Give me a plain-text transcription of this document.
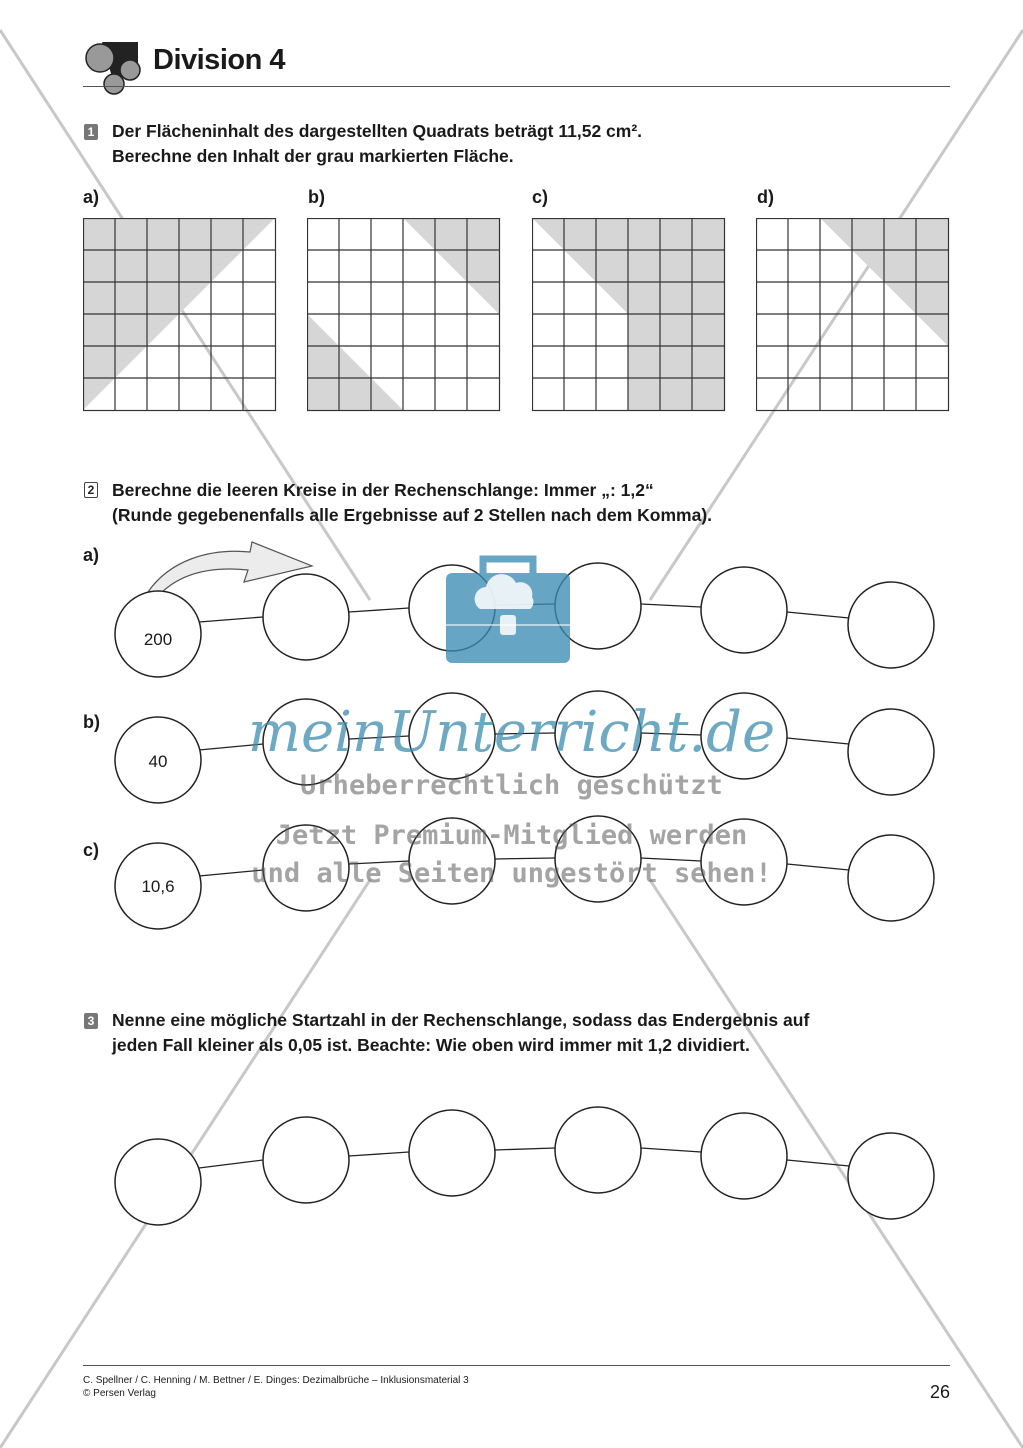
Division 4
1 Der Flächeninhalt des dargestellten Quadrats beträgt 11,52 cm².
Berechne den Inhalt der grau markierten Fläche.
a)	b)	c)	d)
2 Berechne die leeren Kreise in der Rechenschlange: Immer „: 1,2“
(Runde gegebenenfalls alle Ergebnisse auf 2 Stellen nach dem Komma).
a)
b)
c)
200
40
10,6
3 Nenne eine mögliche Startzahl in der Rechenschlange, sodass das Endergebnis auf
jeden Fall kleiner als 0,05 ist. Beachte: Wie oben wird immer mit 1,2 dividiert.
meinUnterricht.de
Urheberrechtlich geschützt
Jetzt Premium-Mitglied werden
und alle Seiten ungestört sehen!
C. Spellner / C. Henning / M. Bettner / E. Dinges: Dezimalbrüche – Inklusionsmaterial 3
© Persen Verlag	26
